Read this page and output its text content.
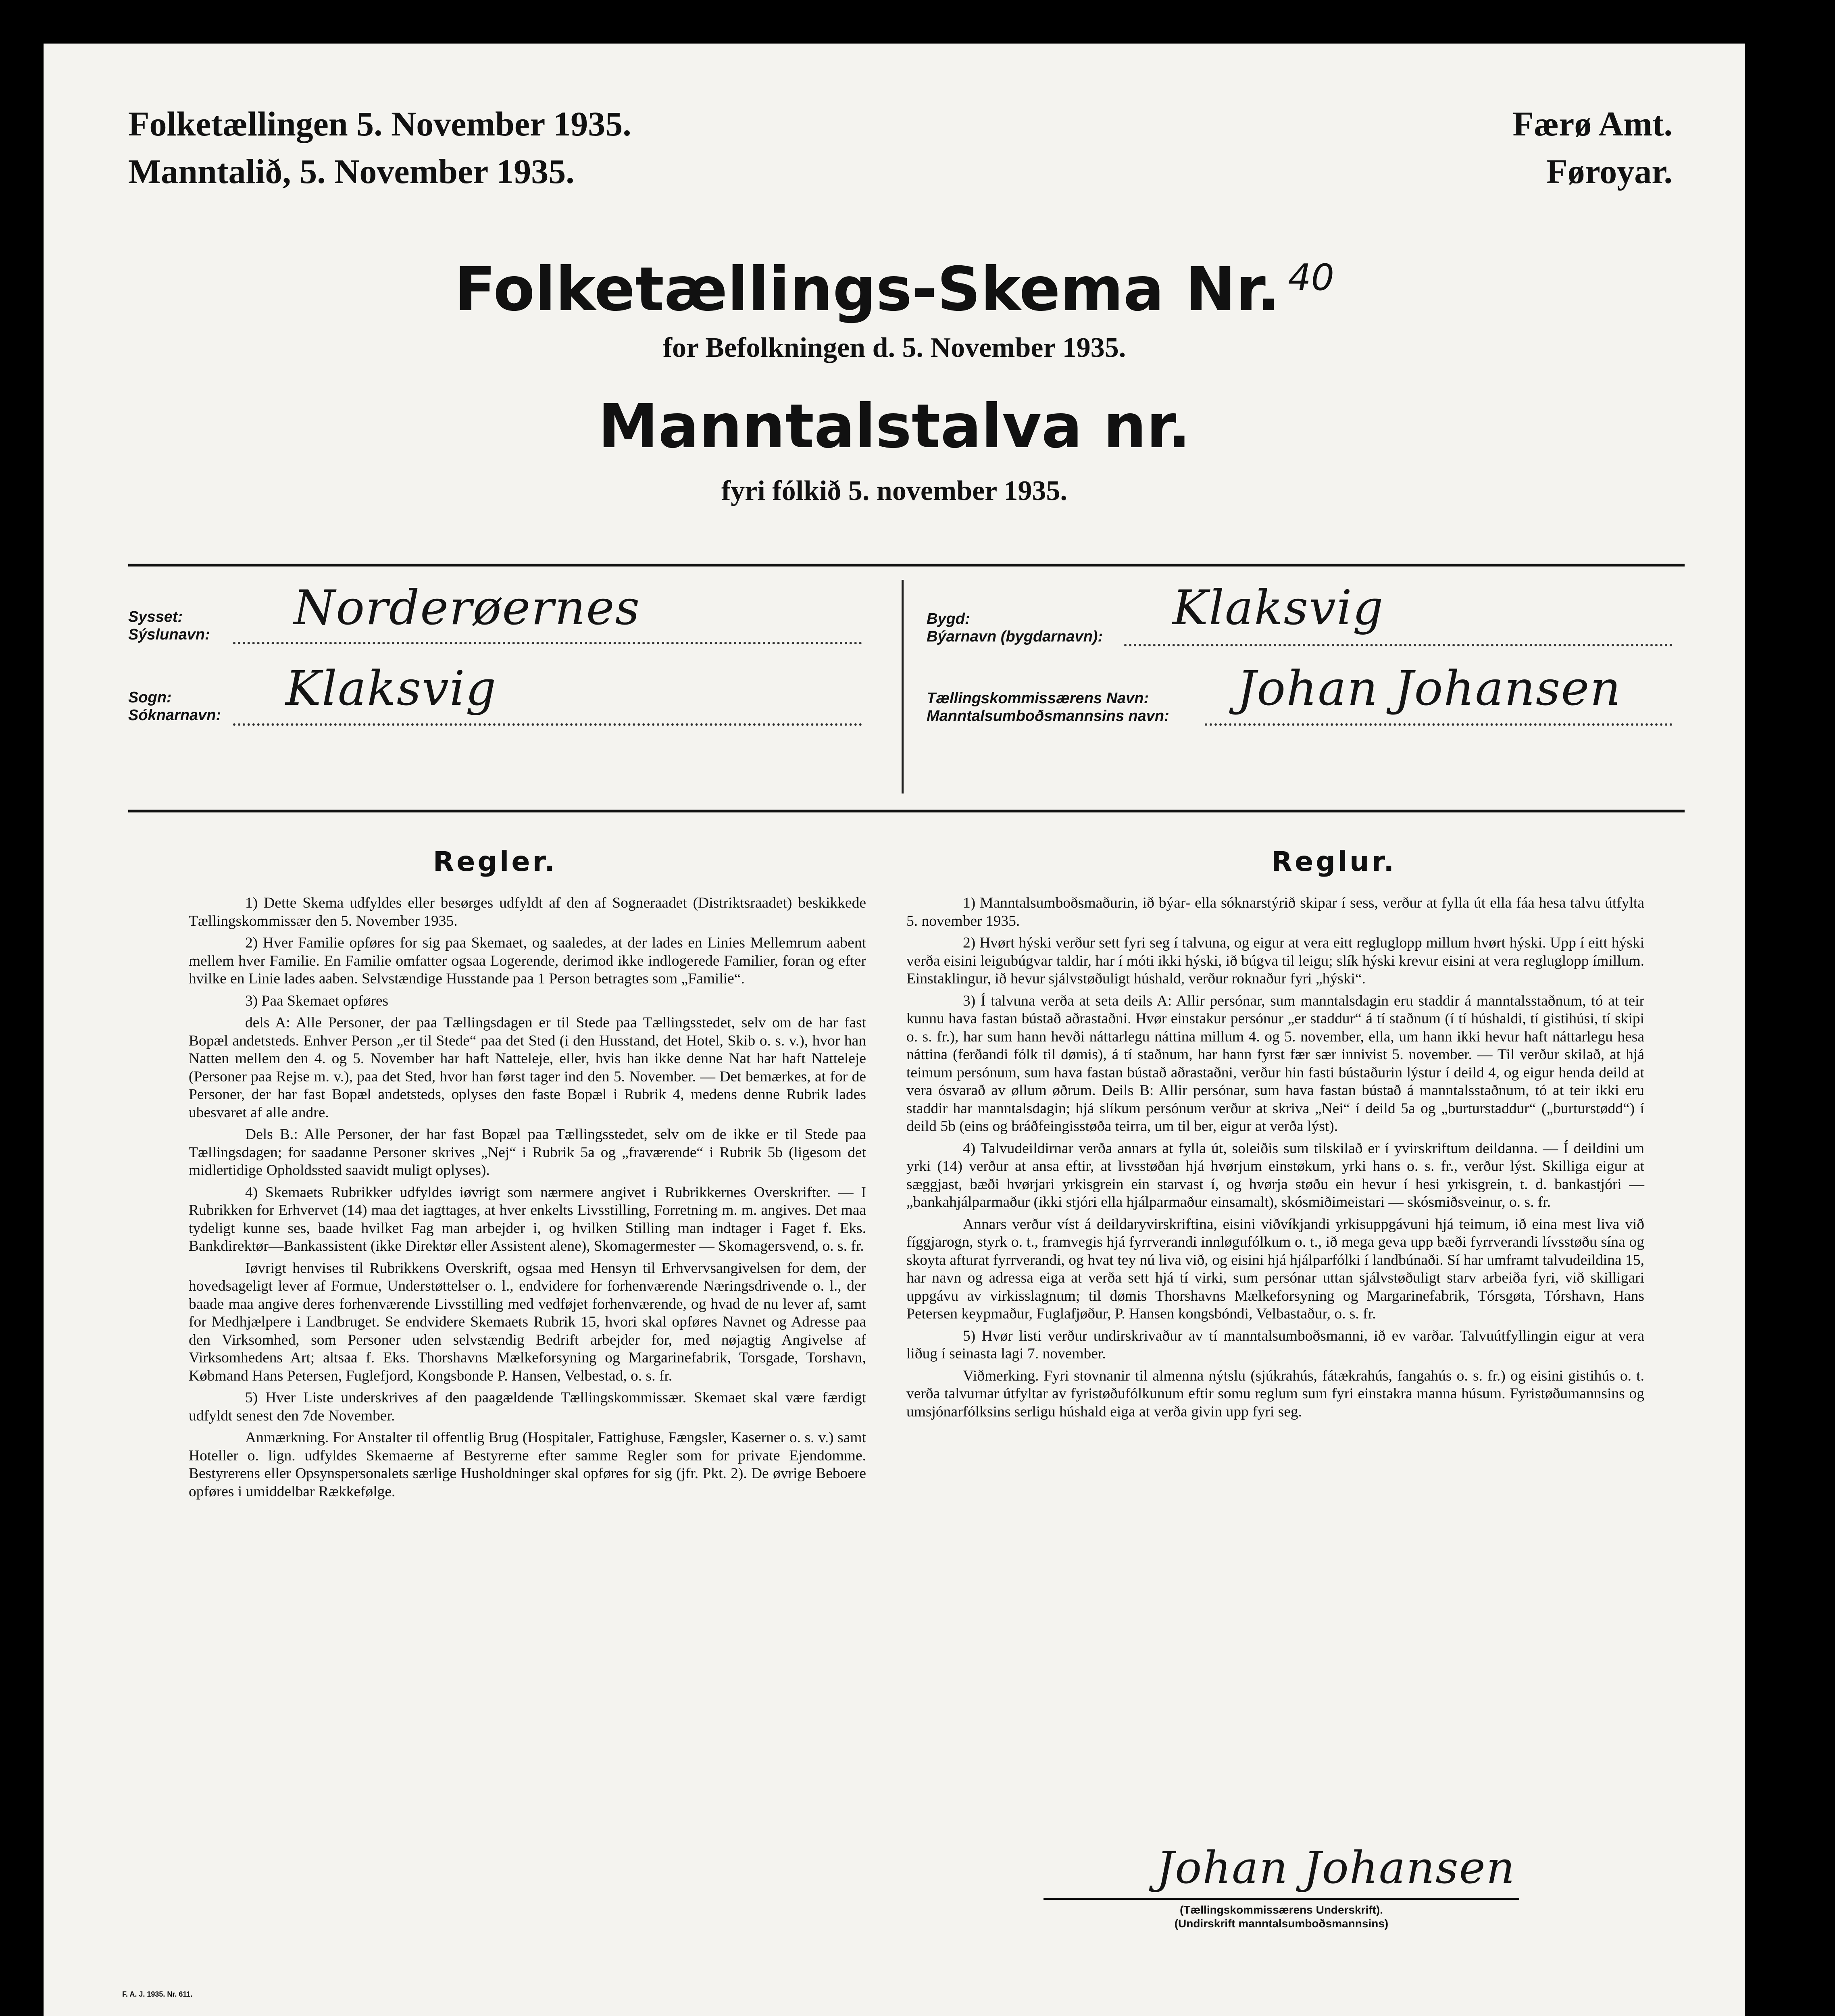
Folketællingen 5. November 1935.
Manntalið, 5. November 1935.
Færø Amt.
Føroyar.
Folketællings-Skema Nr. $^{40}$
for Befolkningen d. 5. November 1935.
Manntalstalva nr.
fyri fólkið 5. november 1935.
Sysset:
Sýslunavn: Norderøernes
Sogn:
Sóknarnavn: Klaksvig
Bygd:
Býarnavn (bygdarnavn):
Klaksvig
Tællingskommissærens Navn:
Manntalsumboðsmannsins navn: Johan Johansen
Regler.

1) Dette Skema udfyldes eller besørges udfyldt af den af Sogneraadet (Distriktsraadet) beskikkede Tællingskommissær den 5. November 1935.

2) Hver Familie opføres for sig paa Skemaet, og saaledes, at der lades en Linies Mellemrum aabent mellem hver Familie. En Familie omfatter ogsaa Logerende, derimod ikke indlogerede Familier, foran og efter hvilke en Linie lades aaben. Selvstændige Husstande paa 1 Person betragtes som „Familie“.

3) Paa Skemaet opføres

dels A: Alle Personer, der paa Tællingsdagen er til Stede paa Tællingsstedet, selv om de har fast Bopæl andetsteds. Enhver Person „er til Stede“ paa det Sted (i den Husstand, det Hotel, Skib o. s. v.), hvor han Natten mellem den 4. og 5. November har haft Natteleje, eller, hvis han ikke denne Nat har haft Natteleje (Personer paa Rejse m. v.), paa det Sted, hvor han først tager ind den 5. November. — Det bemærkes, at for de Personer, der har fast Bopæl andetsteds, oplyses den faste Bopæl i Rubrik 4, medens denne Rubrik lades ubesvaret af alle andre.

Dels B.: Alle Personer, der har fast Bopæl paa Tællingsstedet, selv om de ikke er til Stede paa Tællingsdagen; for saadanne Personer skrives „Nej“ i Rubrik 5a og „fraværende“ i Rubrik 5b (ligesom det midlertidige Opholdssted saavidt muligt oplyses).

4) Skemaets Rubrikker udfyldes iøvrigt som nærmere angivet i Rubrikkernes Overskrifter. — I Rubrikken for Erhvervet (14) maa det iagttages, at hver enkelts Livsstilling, Forretning m. m. angives. Det maa tydeligt kunne ses, baade hvilket Fag man arbejder i, og hvilken Stilling man indtager i Faget f. Eks. Bankdirektør—Bankassistent (ikke Direktør eller Assistent alene), Skomagermester — Skomagersvend, o. s. fr.

Iøvrigt henvises til Rubrikkens Overskrift, ogsaa med Hensyn til Erhvervsangivelsen for dem, der hovedsageligt lever af Formue, Understøttelser o. l., endvidere for forhenværende Næringsdrivende o. l., der baade maa angive deres forhenværende Livsstilling med vedføjet forhenværende, og hvad de nu lever af, samt for Medhjælpere i Landbruget. Se endvidere Skemaets Rubrik 15, hvori skal opføres Navnet og Adresse paa den Virksomhed, som Personer uden selvstændig Bedrift arbejder for, med nøjagtig Angivelse af Virksomhedens Art; altsaa f. Eks. Thorshavns Mælkeforsyning og Margarinefabrik, Torsgade, Torshavn, Købmand Hans Petersen, Fuglefjord, Kongsbonde P. Hansen, Velbestad, o. s. fr.

5) Hver Liste underskrives af den paagældende Tællingskommissær. Skemaet skal være færdigt udfyldt senest den 7de November.

Anmærkning. For Anstalter til offentlig Brug (Hospitaler, Fattighuse, Fængsler, Kaserner o. s. v.) samt Hoteller o. lign. udfyldes Skemaerne af Bestyrerne efter samme Regler som for private Ejendomme. Bestyrerens eller Opsynspersonalets særlige Husholdninger skal opføres for sig (jfr. Pkt. 2). De øvrige Beboere opføres i umiddelbar Rækkefølge.

Reglur.

1) Manntalsumboðsmaðurin, ið býar- ella sóknarstýrið skipar í sess, verður at fylla út ella fáa hesa talvu útfylta 5. november 1935.

2) Hvørt hýski verður sett fyri seg í talvuna, og eigur at vera eitt regluglopp millum hvørt hýski. Upp í eitt hýski verða eisini leigubúgvar taldir, har í móti ikki hýski, ið búgva til leigu; slík hýski krevur eisini at vera regluglopp ímillum. Einstaklingur, ið hevur sjálvstøðuligt húshald, verður roknaður fyri „hýski“.

3) Í talvuna verða at seta deils A: Allir persónar, sum manntalsdagin eru staddir á manntalsstaðnum, tó at teir kunnu hava fastan bústað aðrastaðni. Hvør einstakur persónur „er staddur“ á tí staðnum (í tí húshaldi, tí gistihúsi, tí skipi o. s. fr.), har sum hann hevði náttarlegu náttina millum 4. og 5. november, ella, um hann ikki hevur haft náttarlegu hesa náttina (ferðandi fólk til dømis), á tí staðnum, har hann fyrst fær sær innivist 5. november. — Til verður skilað, at hjá teimum persónum, sum hava fastan bústað aðrastaðni, verður hin fasti bústaðurin lýstur í deild 4, og eigur henda deild at vera ósvarað av øllum øðrum. Deils B: Allir persónar, sum hava fastan bústað á manntalsstaðnum, tó at teir ikki eru staddir har manntalsdagin; hjá slíkum persónum verður at skriva „Nei“ í deild 5a og „burturstaddur“ („burturstødd“) í deild 5b (eins og bráðfeingisstøða teirra, um til ber, eigur at verða lýst).

4) Talvudeildirnar verða annars at fylla út, soleiðis sum tilskilað er í yvirskriftum deildanna. — Í deildini um yrki (14) verður at ansa eftir, at livsstøðan hjá hvørjum einstøkum, yrki hans o. s. fr., verður lýst. Skilliga eigur at sæggjast, bæði hvørjari yrkisgrein ein starvast í, og hvørja støðu ein hevur í hesi yrkisgrein, t. d. bankastjóri —„bankahjálparmaður (ikki stjóri ella hjálparmaður einsamalt), skósmiðimeistari — skósmiðsveinur, o. s. fr.

Annars verður víst á deildaryvirskriftina, eisini viðvíkjandi yrkisuppgávuni hjá teimum, ið eina mest liva við fíggjarogn, styrk o. t., framvegis hjá fyrrverandi innløgufólkum o. t., ið mega geva upp bæði fyrrverandi lívsstøðu sína og skoyta afturat fyrrverandi, og hvat tey nú liva við, og eisini hjá hjálparfólki í landbúnaði. Sí har umframt talvudeildina 15, har navn og adressa eigа at verða sett hjá tí virki, sum persónar uttan sjálvstøðuligt starv arbeiða fyri, við skilligari uppgávu av virkisslagnum; til dømis Thorshavns Mælkeforsyning og Margarinefabrik, Tórsgøta, Tórshavn, Hans Petersen keypmaður, Fuglafjøður, P. Hansen kongsbóndi, Velbastaður, o. s. fr.

5) Hvør listi verður undirskrivaður av tí manntalsumboðsmanni, ið ev varðar. Talvuútfyllingin eigur at vera liðug í seinasta lagi 7. november.

Viðmerking. Fyri stovnanir til almenna nýtslu (sjúkrahús, fátækrahús, fangahús o. s. fr.) og eisini gistihús o. t. verða talvurnar útfyltar av fyristøðufólkunum eftir somu reglum sum fyri einstakra manna húsum. Fyristøðumannsins og umsjónarfólksins serligu húshald eiga at verða givin upp fyri seg.

Johan Johansen
(Tællingskommissærens Underskrift).
(Undirskrift manntalsumboðsmannsins)
F. A. J. 1935. Nr. 611.
